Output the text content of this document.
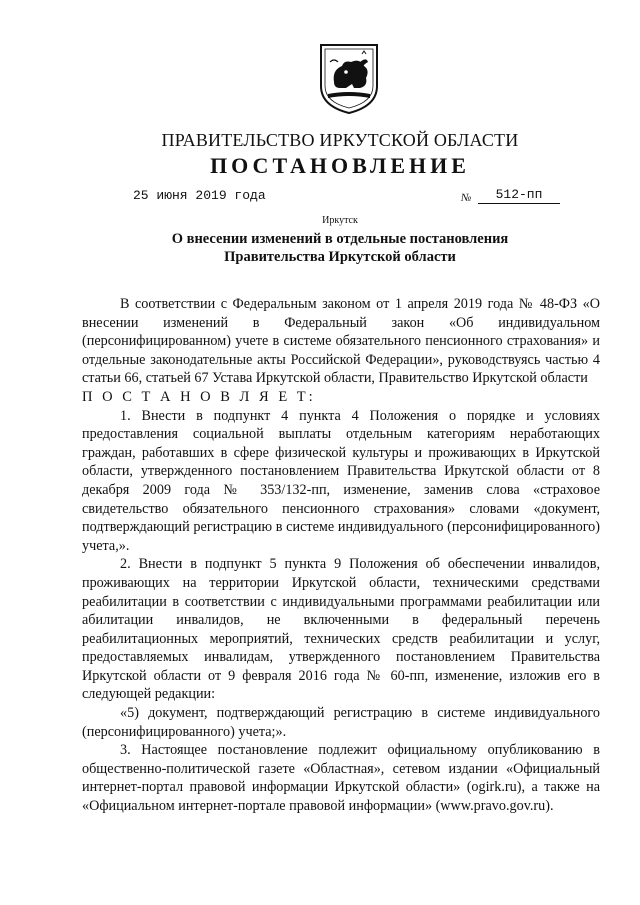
ПРАВИТЕЛЬСТВО ИРКУТСКОЙ ОБЛАСТИ
ПОСТАНОВЛЕНИЕ
25 июня 2019 года	№	512-пп
Иркутск
О внесении изменений в отдельные постановления
Правительства Иркутской области

В соответствии с Федеральным законом от 1 апреля 2019 года № 48-ФЗ «О внесении изменений в Федеральный закон «Об индивидуальном (персонифицированном) учете в системе обязательного пенсионного страхования» и отдельные законодательные акты Российской Федерации», руководствуясь частью 4 статьи 66, статьей 67 Устава Иркутской области, Правительство Иркутской области

П О С Т А Н О В Л Я Е Т:

1. Внести в подпункт 4 пункта 4 Положения о порядке и условиях предоставления социальной выплаты отдельным категориям неработающих граждан, работавших в сфере физической культуры и проживающих в Иркутской области, утвержденного постановлением Правительства Иркутской области от 8 декабря 2009 года № 353/132-пп, изменение, заменив слова «страховое свидетельство обязательного пенсионного страхования» словами «документ, подтверждающий регистрацию в системе индивидуального (персонифицированного) учета,».

2. Внести в подпункт 5 пункта 9 Положения об обеспечении инвалидов, проживающих на территории Иркутской области, техническими средствами реабилитации в соответствии с индивидуальными программами реабилитации или абилитации инвалидов, не включенными в федеральный перечень реабилитационных мероприятий, технических средств реабилитации и услуг, предоставляемых инвалидам, утвержденного постановлением Правительства Иркутской области от 9 февраля 2016 года № 60-пп, изменение, изложив его в следующей редакции:

«5) документ, подтверждающий регистрацию в системе индивидуального (персонифицированного) учета;».

3. Настоящее постановление подлежит официальному опубликованию в общественно-политической газете «Областная», сетевом издании «Официальный интернет-портал правовой информации Иркутской области» (ogirk.ru), а также на «Официальном интернет-портале правовой информации» (www.pravo.gov.ru).
